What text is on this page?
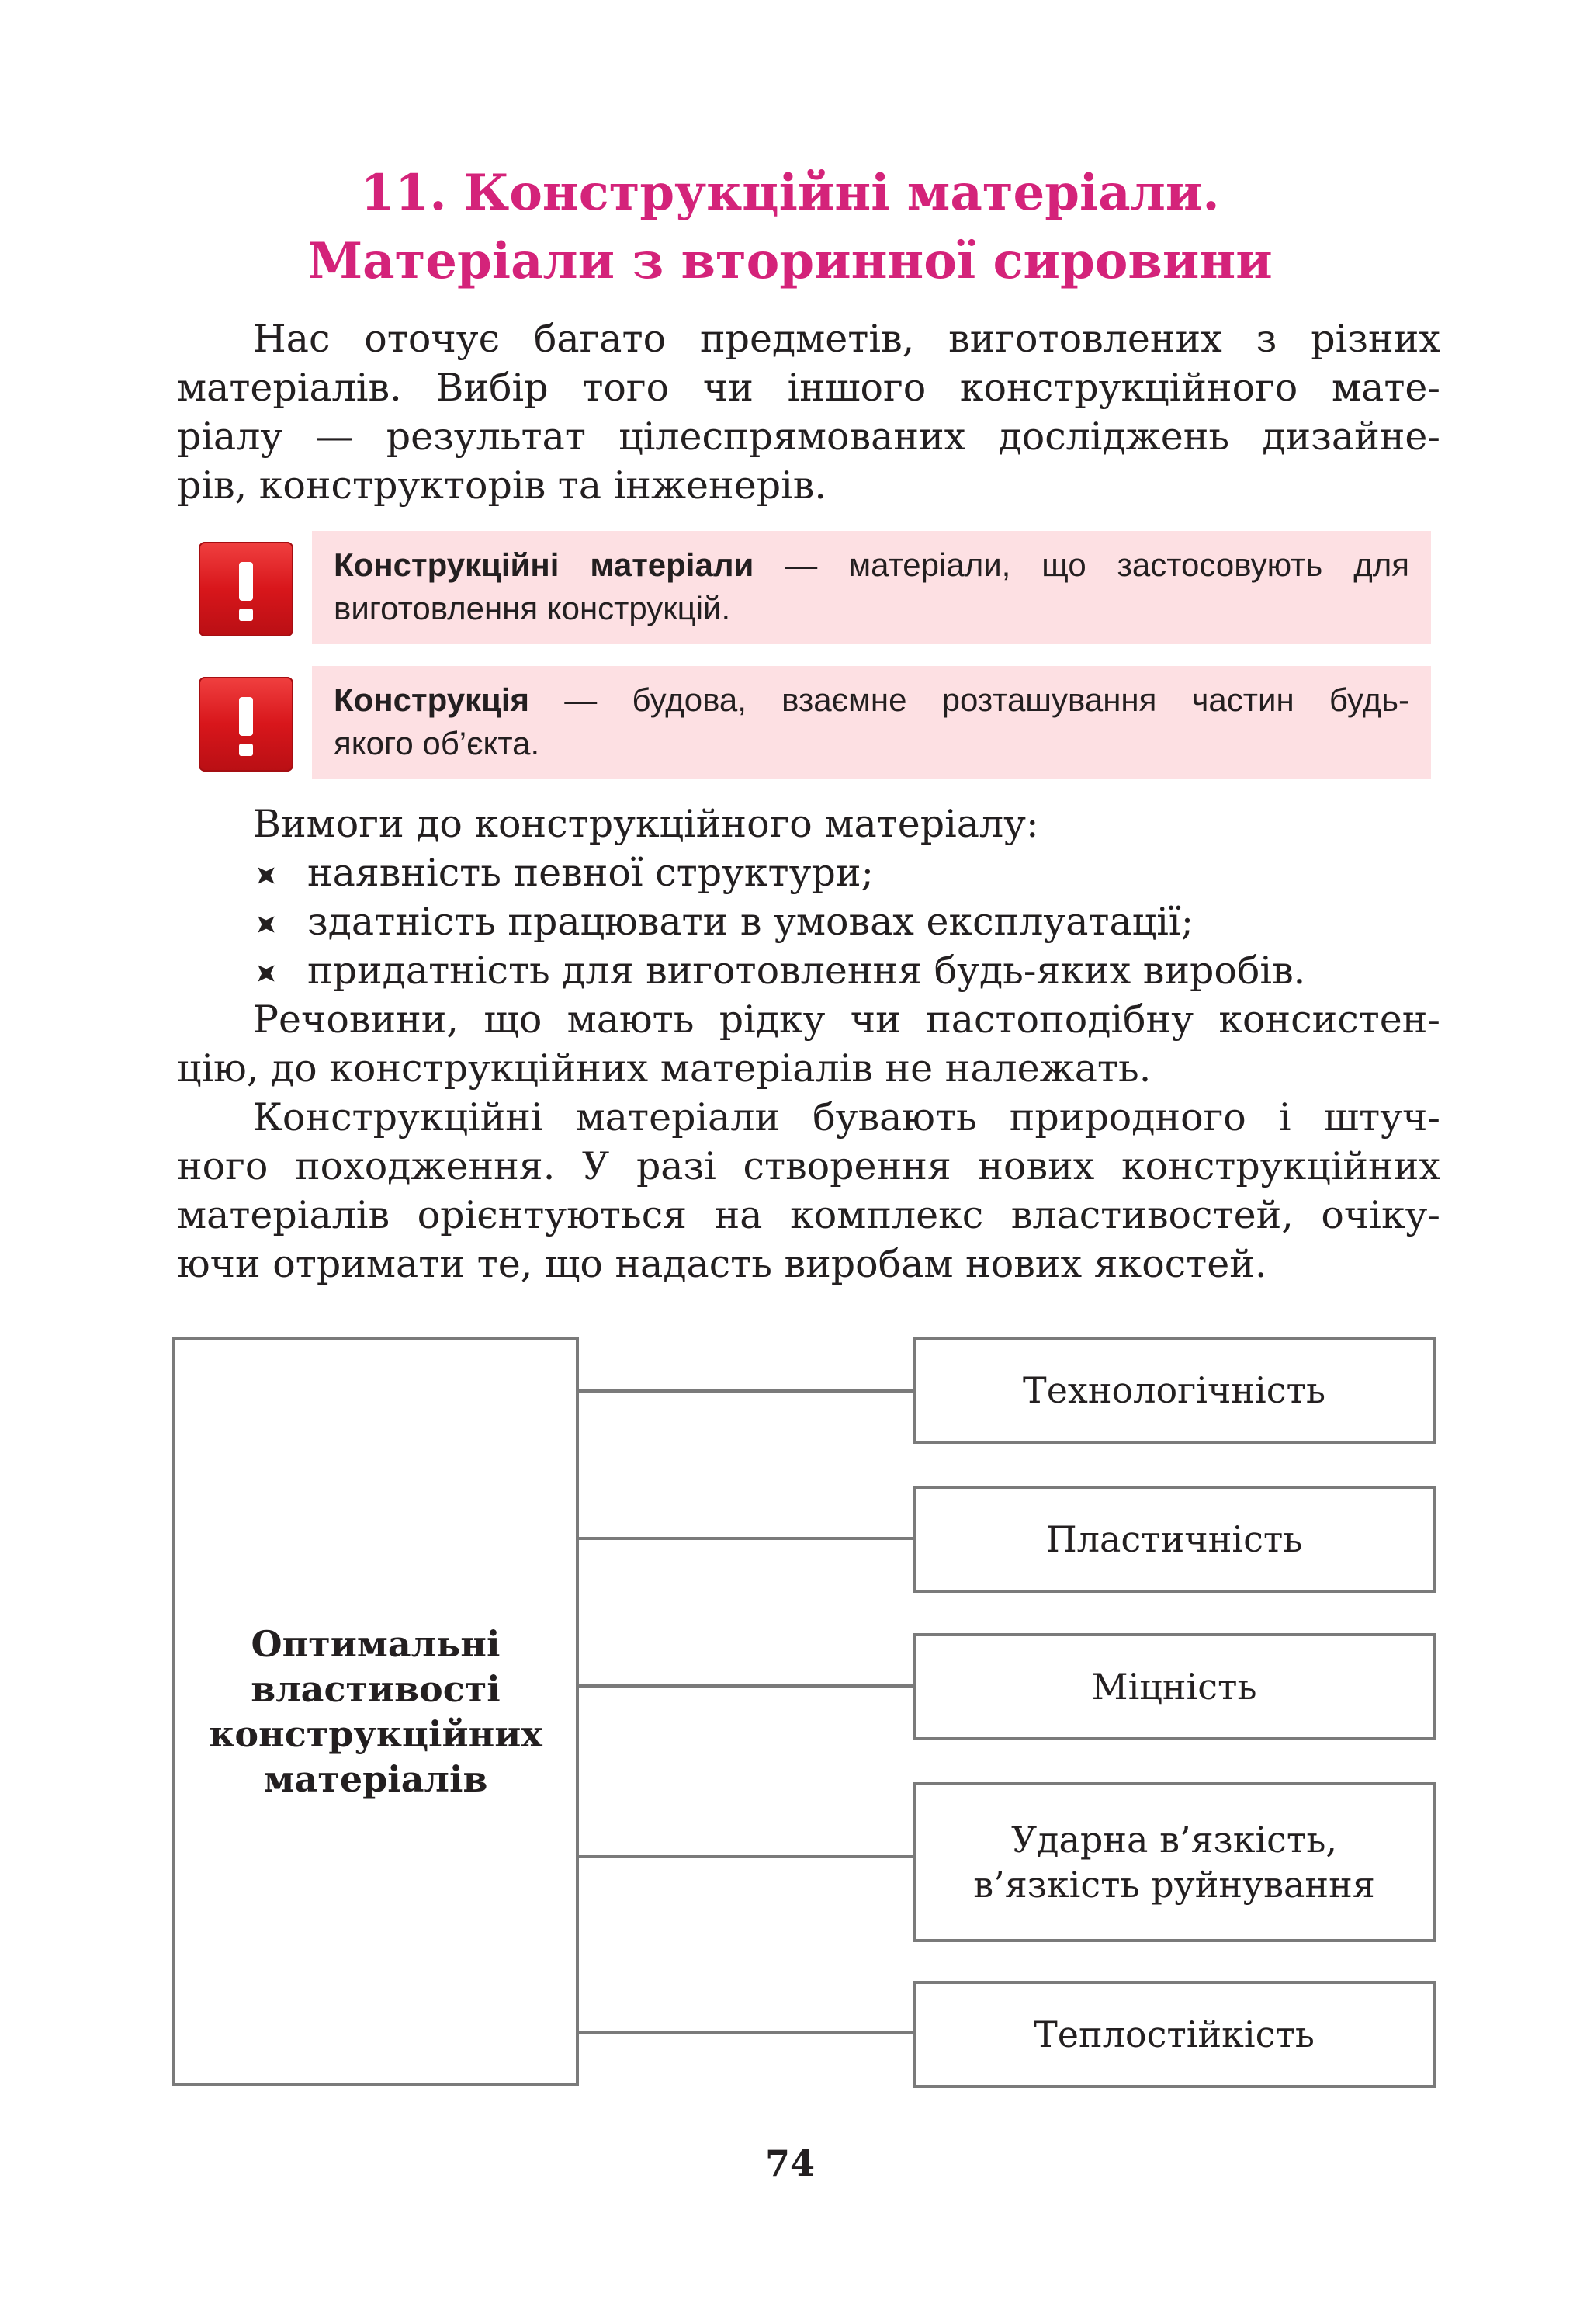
11. Конструкційні матеріали.
Матеріали з вторинної сировини
Нас оточує багато предметів, виготовлених з різних
матеріалів. Вибір того чи іншого конструкційного мате-
ріалу — результат цілеспрямованих досліджень дизайне-
рів, конструкторів та інженерів.
Конструкційні матеріали — матеріали, що застосовують для
виготовлення конструкцій.
Конструкція — будова, взаємне розташування частин будь-
якого об’єкта.
Вимоги до конструкційного матеріалу:
наявність певної структури;
здатність працювати в умовах експлуатації;
придатність для виготовлення будь-яких виробів.
Речовини, що мають рідку чи пастоподібну консистен-
цію, до конструкційних матеріалів не належать.
Конструкційні матеріали бувають природного і штуч-
ного походження. У разі створення нових конструкційних
матеріалів орієнтуються на комплекс властивостей, очіку-
ючи отримати те, що надасть виробам нових якостей.
Оптимальні
властивості
конструкційних
матеріалів
Технологічність
Пластичність
Міцність
Ударна в’язкість,
в’язкість руйнування
Теплостійкість
74
